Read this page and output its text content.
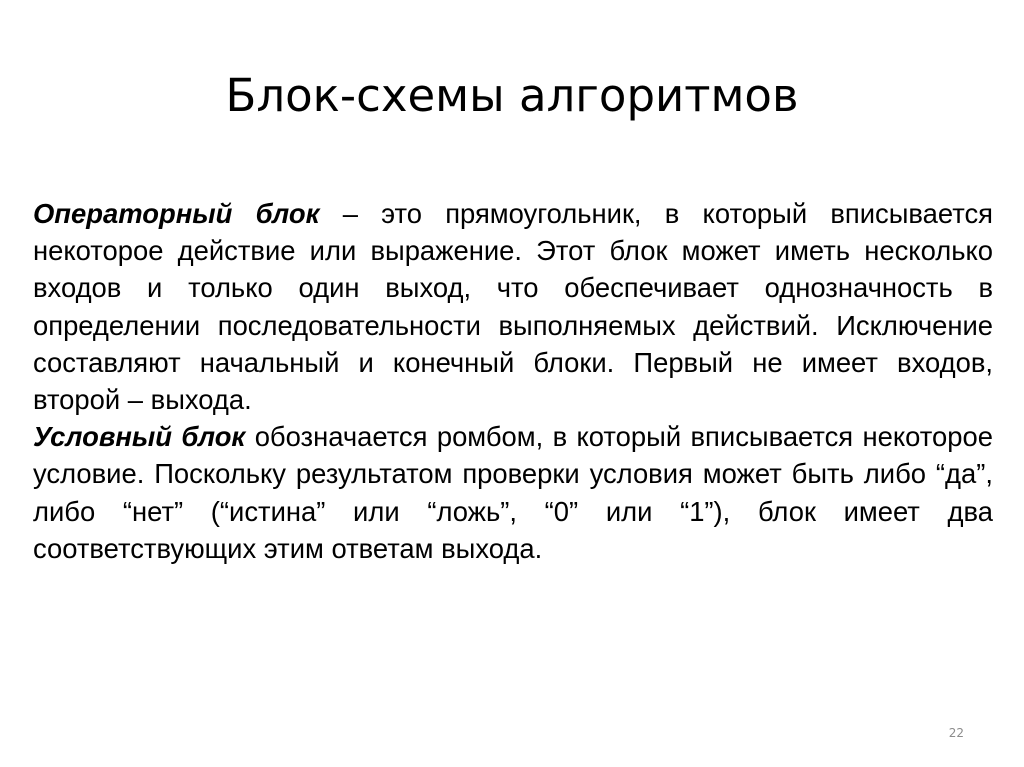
Блок-схемы алгоритмов

Операторный блок – это прямоугольник, в который вписывается некоторое действие или выражение. Этот блок может иметь несколько входов и только один выход, что обеспечивает однозначность в определении последовательности выполняемых действий. Исключение составляют начальный и конечный блоки. Первый не имеет входов, второй – выхода.

Условный блок обозначается ромбом, в который вписывается некоторое условие. Поскольку результатом проверки условия может быть либо “да”, либо “нет” (“истина” или “ложь”, “0” или “1”), блок имеет два соответствующих этим ответам выхода.

22
